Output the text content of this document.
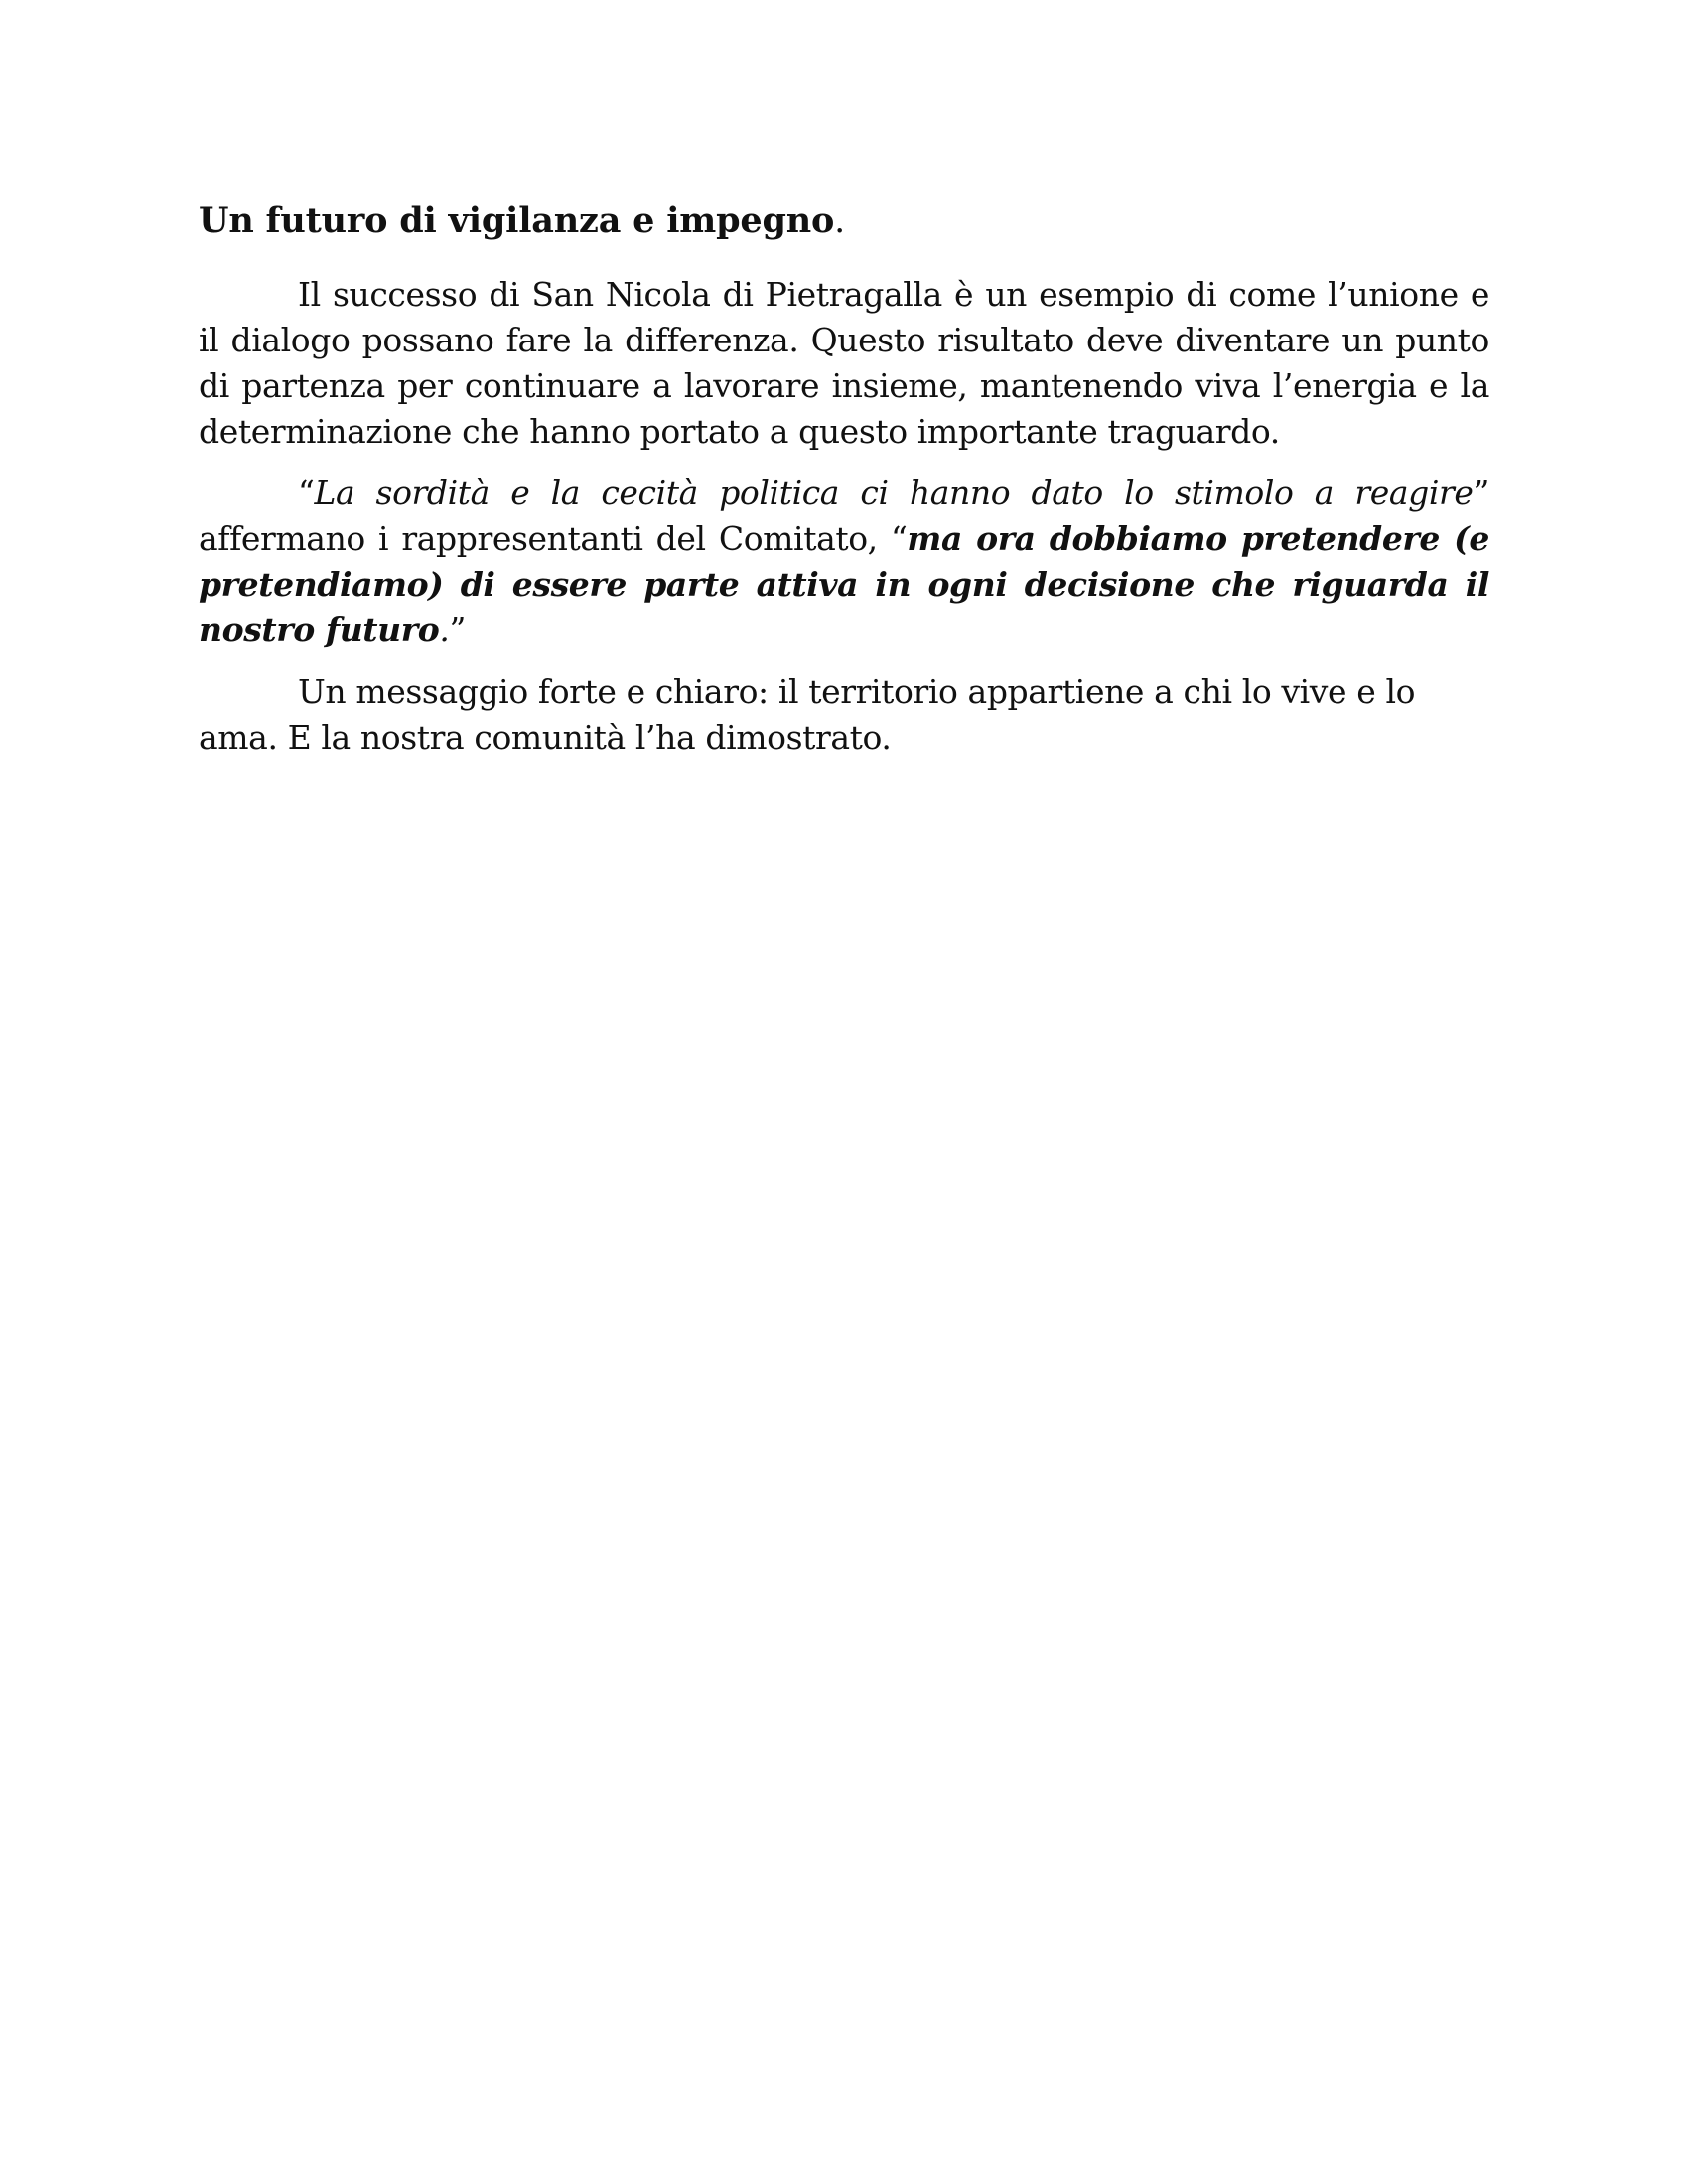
Un futuro di vigilanza e impegno.

Il successo di San Nicola di Pietragalla è un esempio di come l’unione e il dialogo possano fare la differenza. Questo risultato deve diventare un punto di partenza per continuare a lavorare insieme, mantenendo viva l’energia e la determinazione che hanno portato a questo importante traguardo.

“La sordità e la cecità politica ci hanno dato lo stimolo a reagire” affermano i rappresentanti del Comitato, “ma ora dobbiamo pretendere (e pretendiamo) di essere parte attiva in ogni decisione che riguarda il nostro futuro.”

Un messaggio forte e chiaro: il territorio appartiene a chi lo vive e lo ama. E la nostra comunità l’ha dimostrato.
